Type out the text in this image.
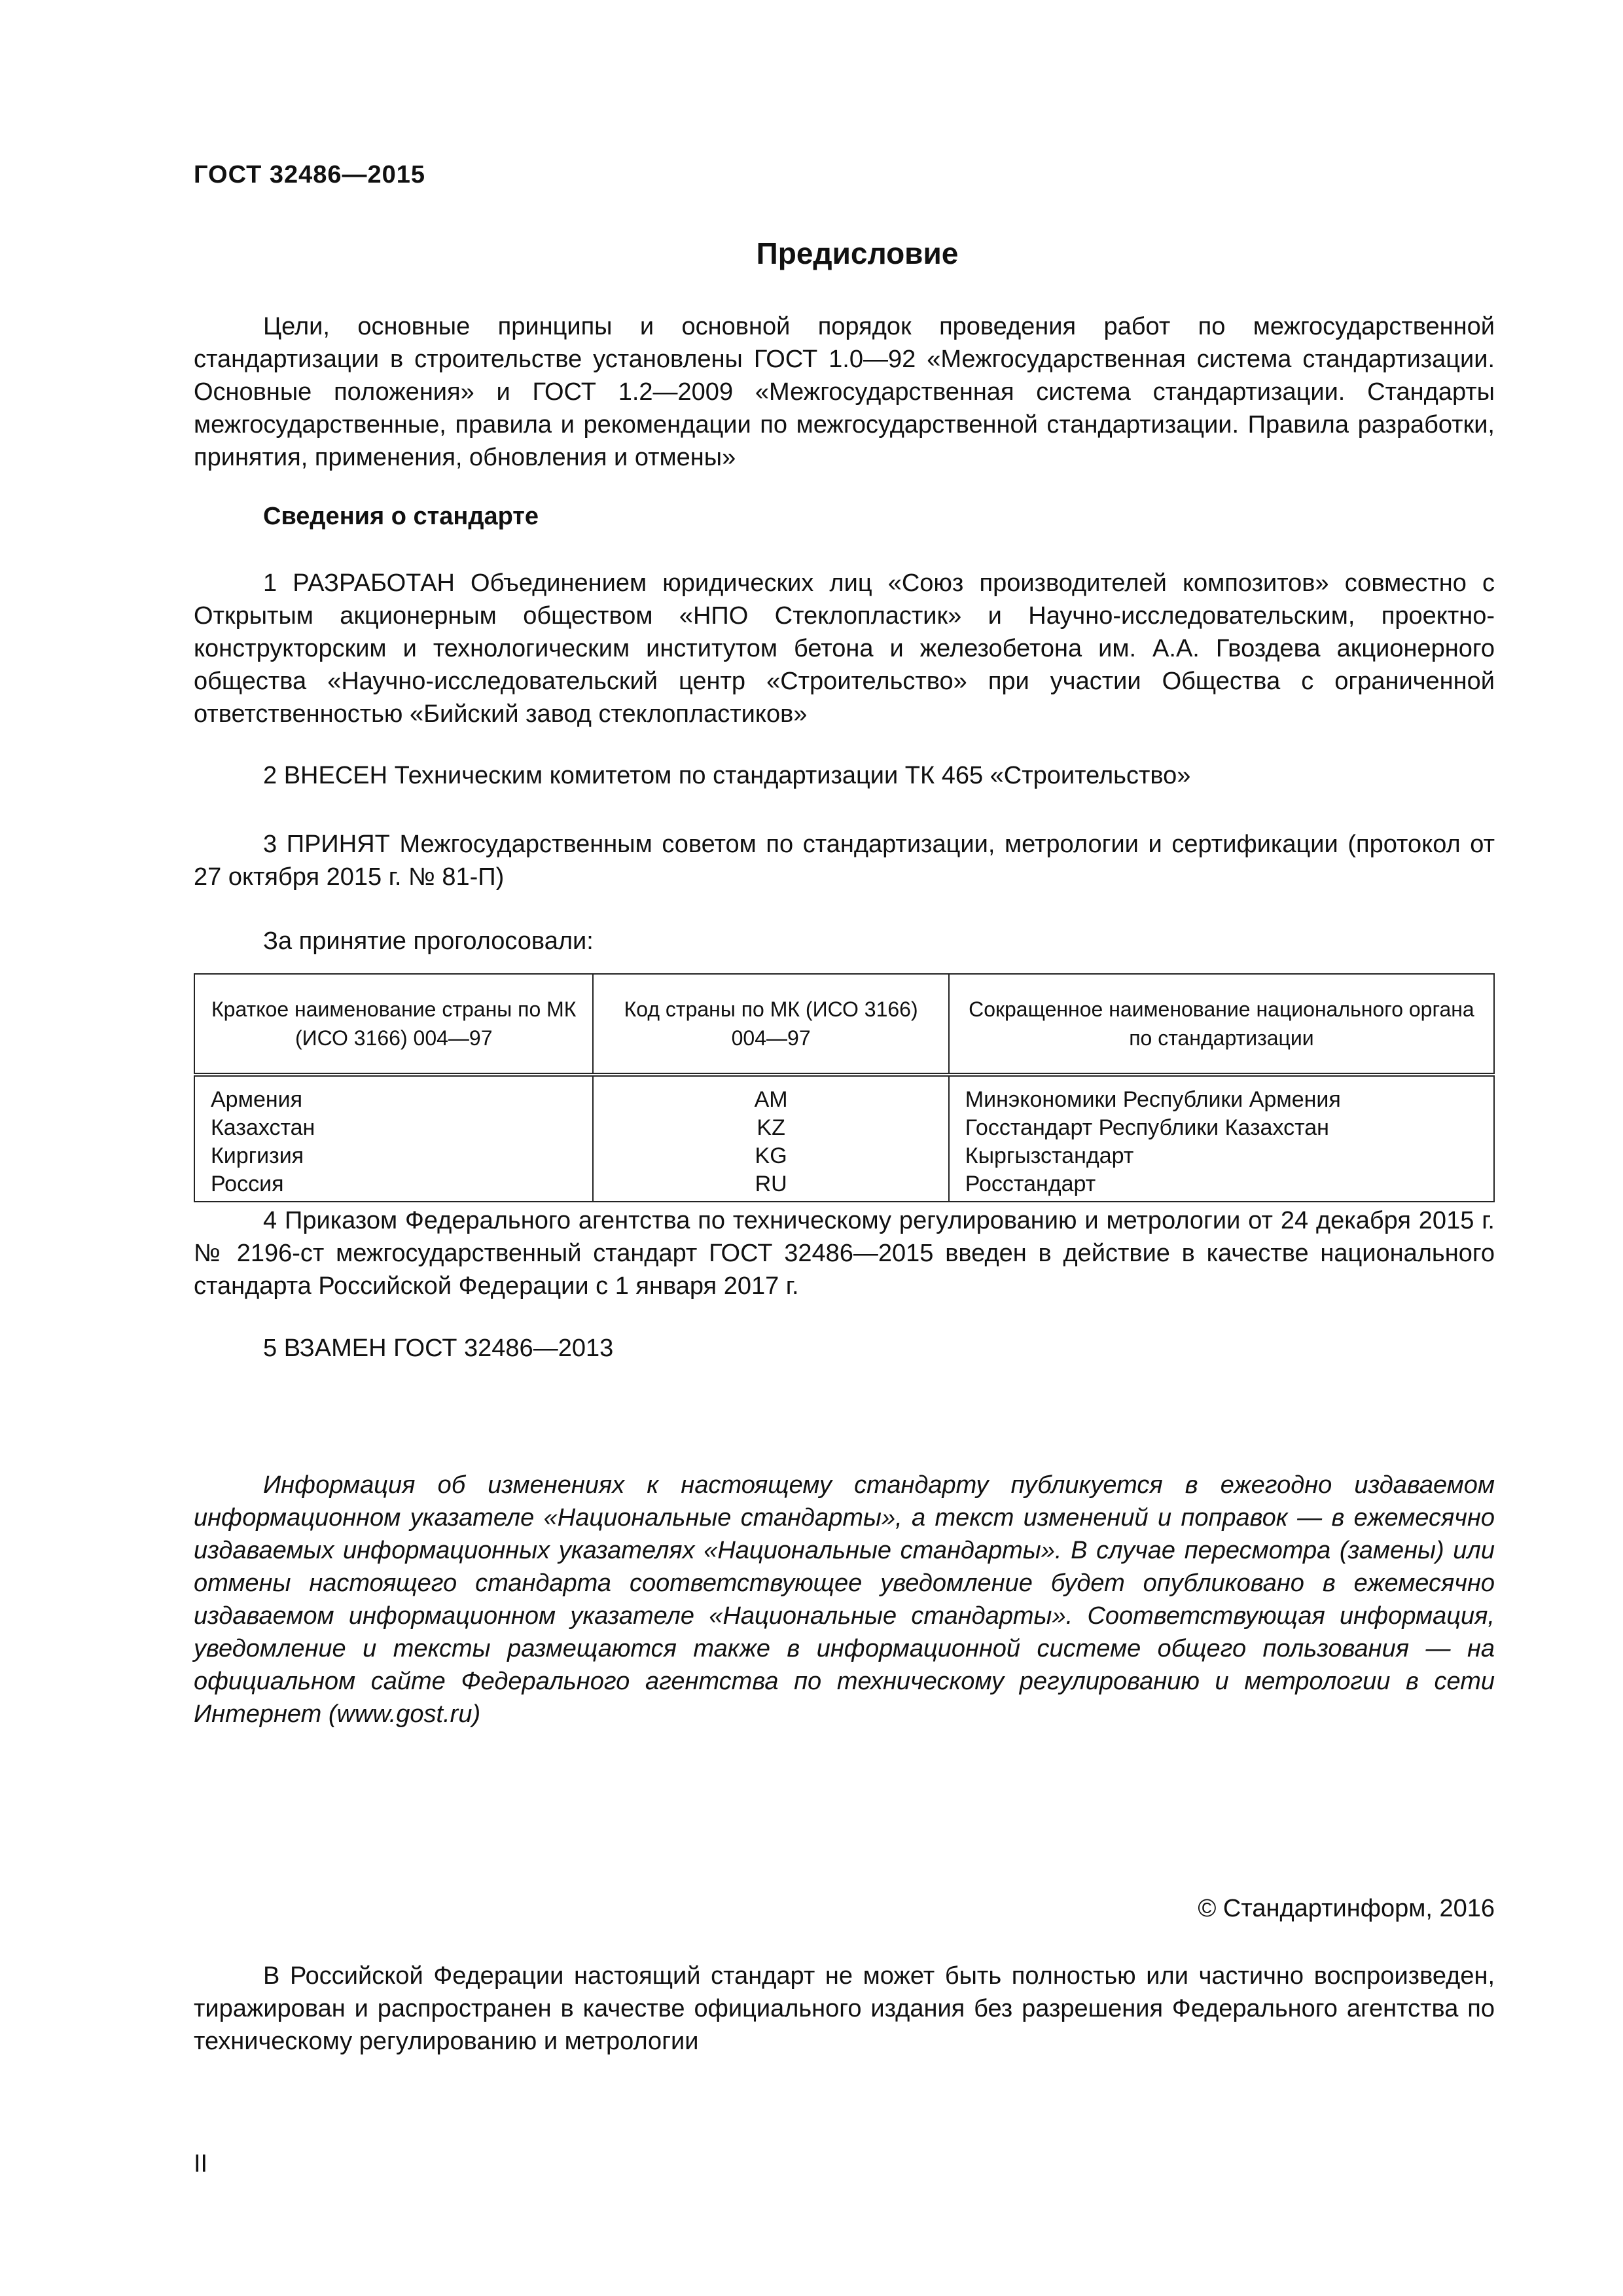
ГОСТ 32486—2015
Предисловие

Цели, основные принципы и основной порядок проведения работ по межгосударственной стандартизации в строительстве установлены ГОСТ 1.0—92 «Межгосударственная система стандартизации. Основные положения» и ГОСТ 1.2—2009 «Межгосударственная система стандартизации. Стандарты межгосударственные, правила и рекомендации по межгосударственной стандартизации. Правила разработки, принятия, применения, обновления и отмены»

Сведения о стандарте

1 РАЗРАБОТАН Объединением юридических лиц «Союз производителей композитов» совместно с Открытым акционерным обществом «НПО Стеклопластик» и Научно-исследовательским, проектно-конструкторским и технологическим институтом бетона и железобетона им. А.А. Гвоздева акционерного общества «Научно-исследовательский центр «Строительство» при участии Общества с ограниченной ответственностью «Бийский завод стеклопластиков»

2 ВНЕСЕН Техническим комитетом по стандартизации ТК 465 «Строительство»

3 ПРИНЯТ Межгосударственным советом по стандартизации, метрологии и сертификации (протокол от 27 октября 2015 г. № 81-П)

За принятие проголосовали:
Краткое наименование страны по МК (ИСО 3166) 004—97	Код страны по МК (ИСО 3166) 004—97	Сокращенное наименование национального органа по стандартизации
Армения	AM	Минэкономики Республики Армения
Казахстан	KZ	Госстандарт Республики Казахстан
Киргизия	KG	Кыргызстандарт
Россия	RU	Росстандарт

4 Приказом Федерального агентства по техническому регулированию и метрологии от 24 декабря 2015 г. № 2196-ст межгосударственный стандарт ГОСТ 32486—2015 введен в действие в качестве национального стандарта Российской Федерации с 1 января 2017 г.

5 ВЗАМЕН ГОСТ 32486—2013

Информация об изменениях к настоящему стандарту публикуется в ежегодно издаваемом информационном указателе «Национальные стандарты», а текст изменений и поправок — в ежемесячно издаваемых информационных указателях «Национальные стандарты». В случае пересмотра (замены) или отмены настоящего стандарта соответствующее уведомление будет опубликовано в ежемесячно издаваемом информационном указателе «Национальные стандарты». Соответствующая информация, уведомление и тексты размещаются также в информационной системе общего пользования — на официальном сайте Федерального агентства по техническому регулированию и метрологии в сети Интернет (www.gost.ru)

© Стандартинформ, 2016

В Российской Федерации настоящий стандарт не может быть полностью или частично воспроизведен, тиражирован и распространен в качестве официального издания без разрешения Федерального агентства по техническому регулированию и метрологии

II
